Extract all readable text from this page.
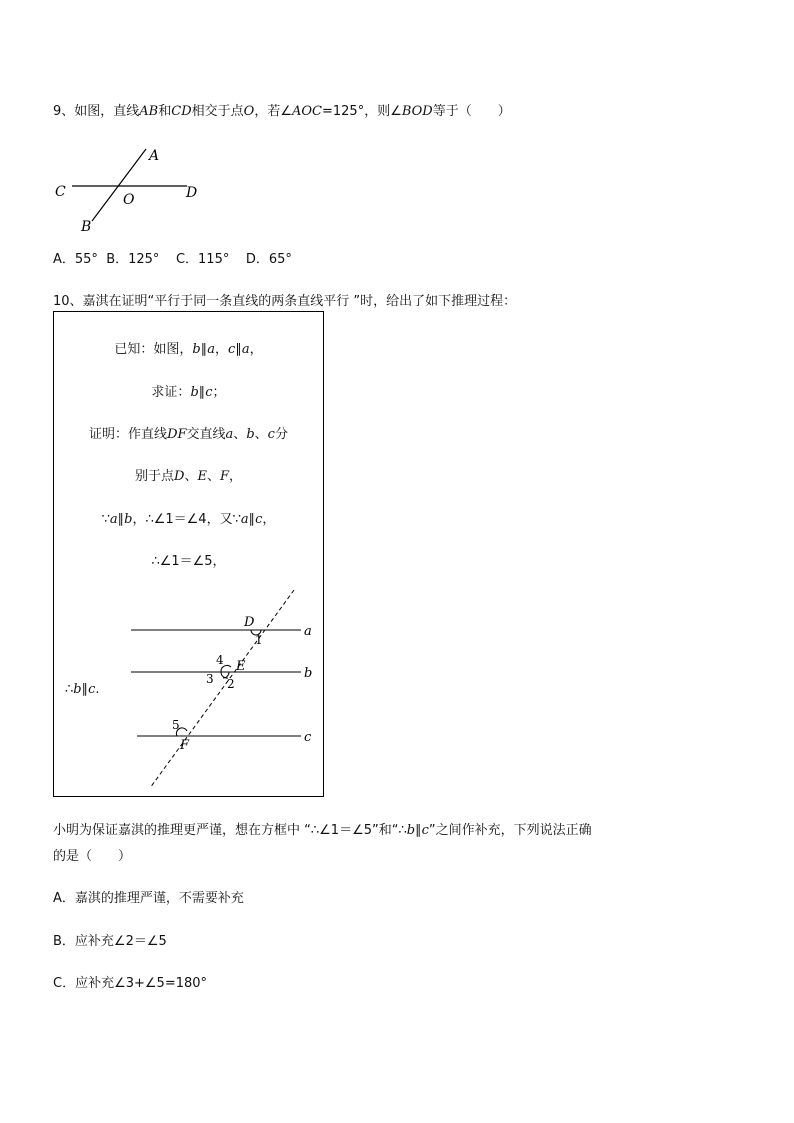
9、如图，直线AB和CD相交于点O，若∠AOC=125°，则∠BOD等于（　　）
A
C	D
O
B
A．55°  B．125°    C．115°    D．65°
10、嘉淇在证明“平行于同一条直线的两条直线平行 ”时，给出了如下推理过程：
已知：如图，b∥a，c∥a，
求证：b∥c；
证明：作直线DF交直线a、b、c分
别于点D、E、F，
∵a∥b，∴∠1＝∠4，又∵a∥c，
∴∠1＝∠5，
∴b∥c.
D
1
a
4 E	b
3 2
5
c
F
小明为保证嘉淇的推理更严谨，想在方框中 “∴∠1＝∠5”和“∴b∥c”之间作补充，下列说法正确
的是（　　）
A．嘉淇的推理严谨，不需要补充
B．应补充∠2＝∠5
C．应补充∠3+∠5=180°
